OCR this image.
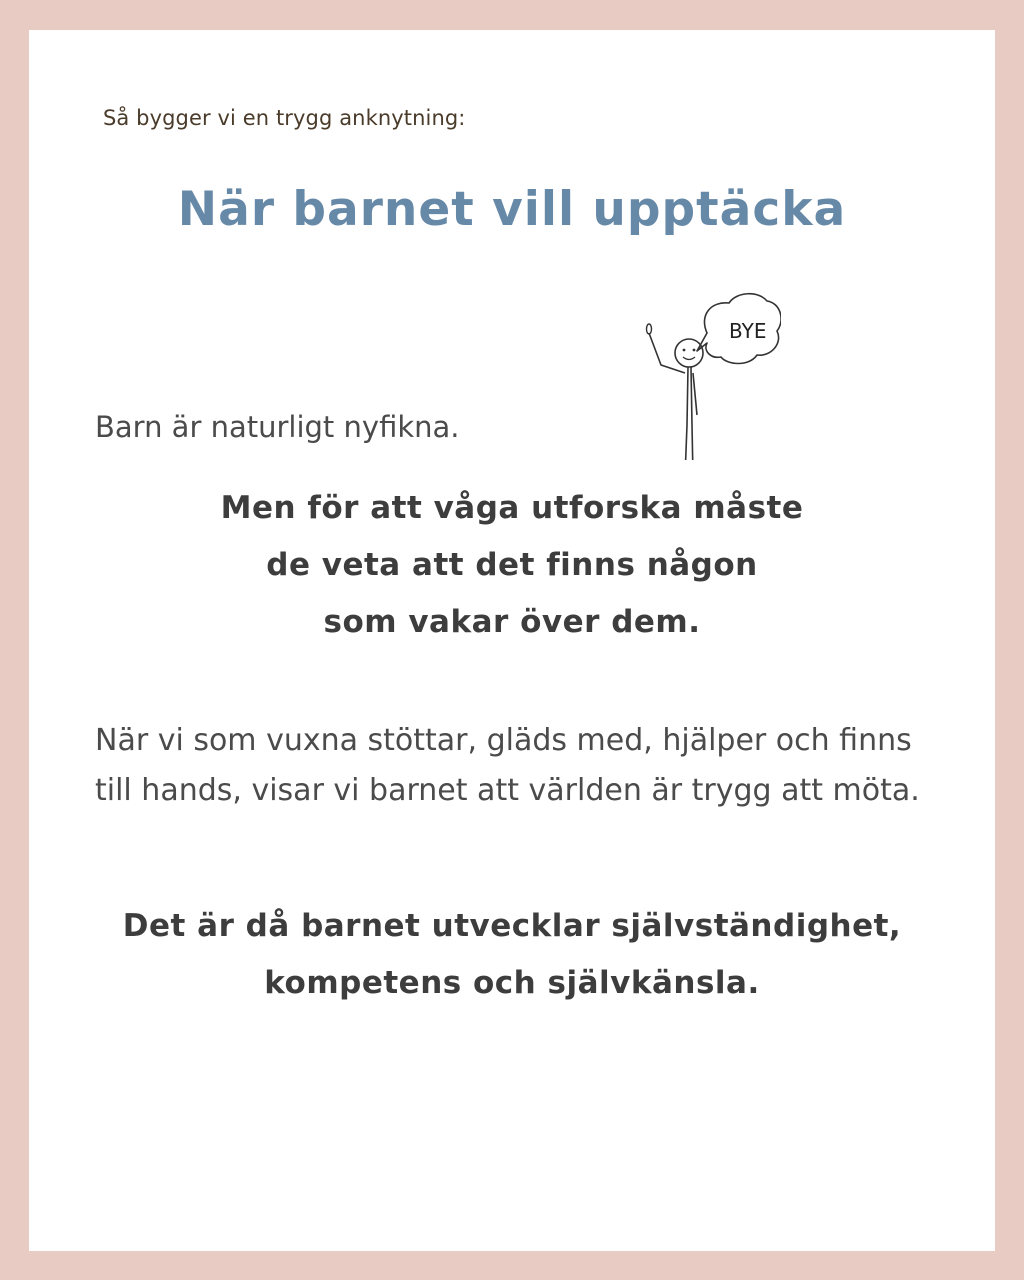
Så bygger vi en trygg anknytning:

När barnet vill upptäcka
BYE

Barn är naturligt nyfikna.

Men för att våga utforska måste
de veta att det finns någon
som vakar över dem.

När vi som vuxna stöttar, gläds med, hjälper och finns till hands, visar vi barnet att världen är trygg att möta.

Det är då barnet utvecklar självständighet,
kompetens och självkänsla.
